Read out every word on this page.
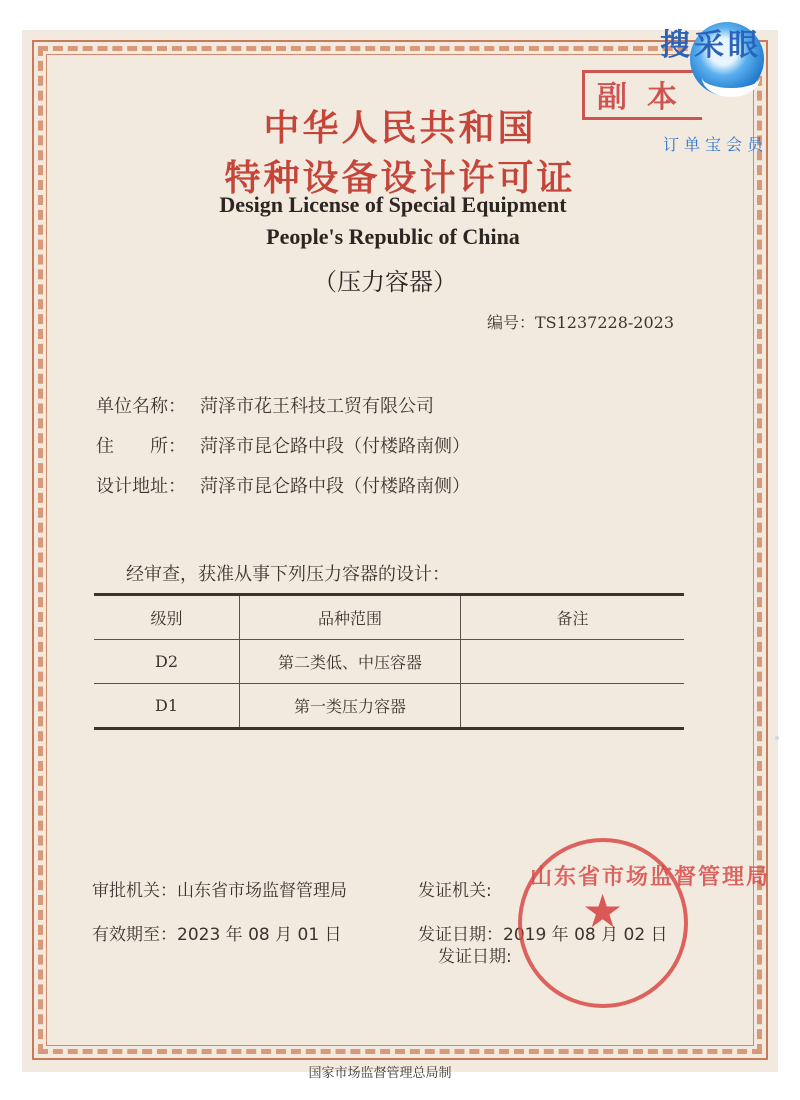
副本
搜采眼
订单宝会员
中华人民共和国
特种设备设计许可证
Design License of Special Equipment
People's Republic of China
（压力容器）
编号：TS1237228-2023
单位名称： 菏泽市花王科技工贸有限公司
住　　所： 菏泽市昆仑路中段（付楼路南侧）
设计地址： 菏泽市昆仑路中段（付楼路南侧）
经审查，获准从事下列压力容器的设计：
级别	品种范围	备注
D2	第二类低、中压容器	
D1	第一类压力容器	
审批机关：山东省市场监督管理局	发证机关:
有效期至：2023 年 08 月 01 日	发证日期：2019 年 08 月 02 日
发证日期:
山东省市场监督管理局
★
国家市场监督管理总局制
